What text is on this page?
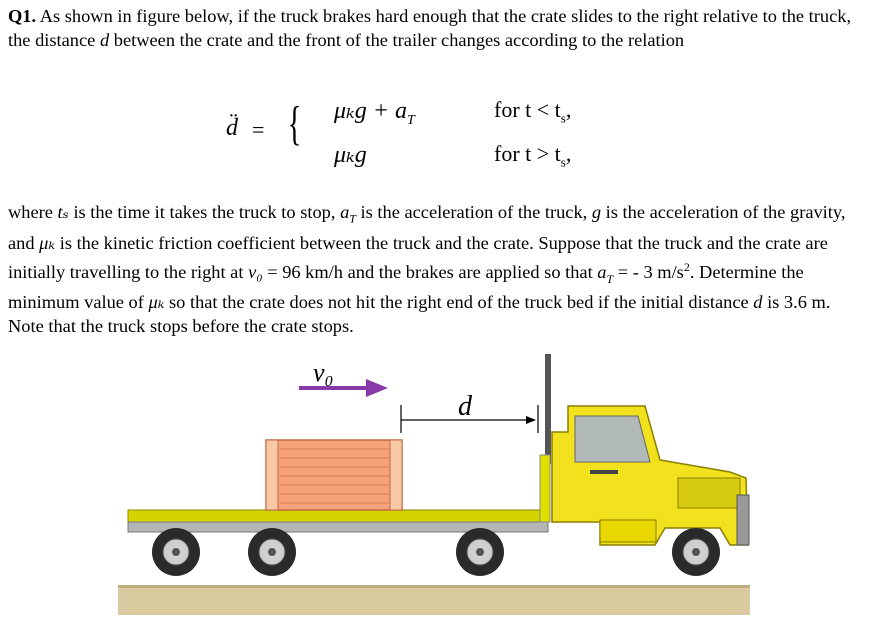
Q1. As shown in figure below, if the truck brakes hard enough that the crate slides to the right relative to the truck, the distance d between the crate and the front of the trailer changes according to the relation
d̈ = { $\mu_kg + a_T$	for $t < t_s$,
μₖg	for $t > t_s$,
where tₛ is the time it takes the truck to stop, $a_T$ is the acceleration of the truck, g is the acceleration of the gravity, and μₖ is the kinetic friction coefficient between the truck and the crate. Suppose that the truck and the crate are initially travelling to the right at v₀ = 96 km/h and the brakes are applied so that $a_T$ = - 3 $m/s^2$. Determine the minimum value of μₖ so that the crate does not hit the right end of the truck bed if the initial distance d is 3.6 m. Note that the truck stops before the crate stops.
v₀
d
